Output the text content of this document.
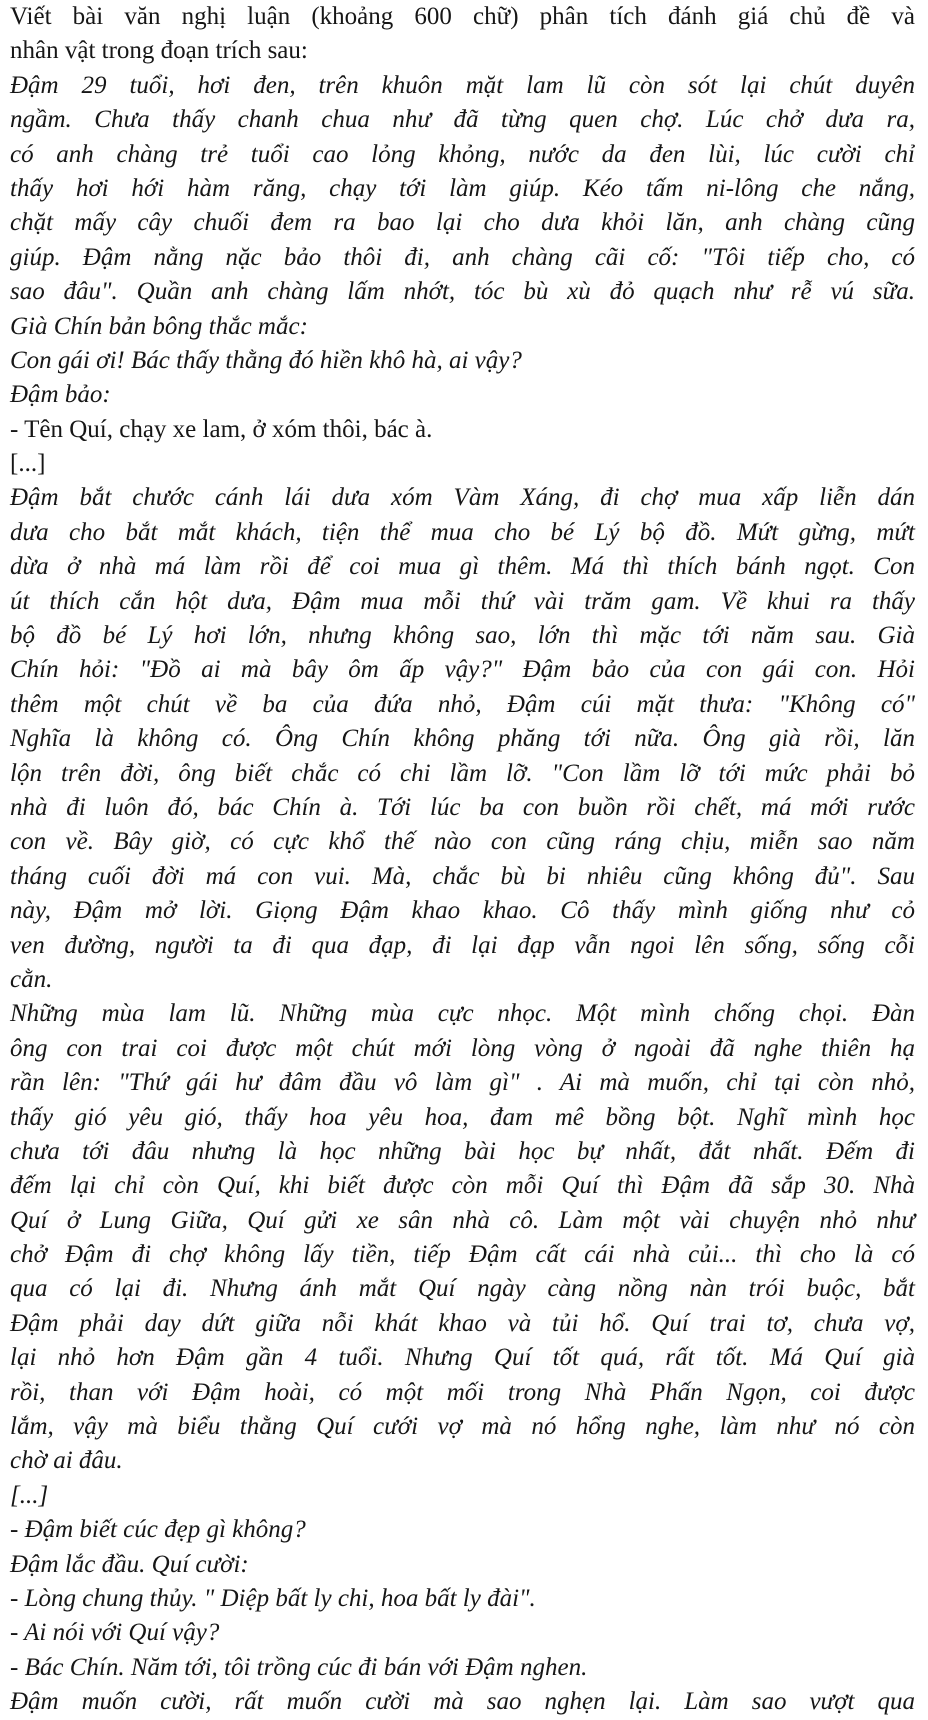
Viết bài văn nghị luận (khoảng 600 chữ) phân tích đánh giá chủ đề và
nhân vật trong đoạn trích sau:
Đậm 29 tuổi, hơi đen, trên khuôn mặt lam lũ còn sót lại chút duyên
ngầm. Chưa thấy chanh chua như đã từng quen chợ. Lúc chở dưa ra,
có anh chàng trẻ tuổi cao lỏng khỏng, nước da đen lùi, lúc cười chỉ
thấy hơi hới hàm răng, chạy tới làm giúp. Kéo tấm ni-lông che nắng,
chặt mấy cây chuối đem ra bao lại cho dưa khỏi lăn, anh chàng cũng
giúp. Đậm nằng nặc bảo thôi đi, anh chàng cãi cố: "Tôi tiếp cho, có
sao đâu". Quần anh chàng lấm nhớt, tóc bù xù đỏ quạch như rễ vú sữa.
Già Chín bản bông thắc mắc:
Con gái ơi! Bác thấy thằng đó hiền khô hà, ai vậy?
Đậm bảo:
- Tên Quí, chạy xe lam, ở xóm thôi, bác à.
[...]
Đậm bắt chước cánh lái dưa xóm Vàm Xáng, đi chợ mua xấp liễn dán
dưa cho bắt mắt khách, tiện thể mua cho bé Lý bộ đồ. Mứt gừng, mứt
dừa ở nhà má làm rồi để coi mua gì thêm. Má thì thích bánh ngọt. Con
út thích cắn hột dưa, Đậm mua mỗi thứ vài trăm gam. Về khui ra thấy
bộ đồ bé Lý hơi lớn, nhưng không sao, lớn thì mặc tới năm sau. Già
Chín hỏi: "Đồ ai mà bây ôm ấp vậy?" Đậm bảo của con gái con. Hỏi
thêm một chút về ba của đứa nhỏ, Đậm cúi mặt thưa: "Không có"
Nghĩa là không có. Ông Chín không phăng tới nữa. Ông già rồi, lăn
lộn trên đời, ông biết chắc có chi lầm lỡ. "Con lầm lỡ tới mức phải bỏ
nhà đi luôn đó, bác Chín à. Tới lúc ba con buồn rồi chết, má mới rước
con về. Bây giờ, có cực khổ thế nào con cũng ráng chịu, miễn sao năm
tháng cuối đời má con vui. Mà, chắc bù bi nhiêu cũng không đủ". Sau
này, Đậm mở lời. Giọng Đậm khao khao. Cô thấy mình giống như cỏ
ven đường, người ta đi qua đạp, đi lại đạp vẫn ngoi lên sống, sống cỗi
cằn.
Những mùa lam lũ. Những mùa cực nhọc. Một mình chống chọi. Đàn
ông con trai coi được một chút mới lòng vòng ở ngoài đã nghe thiên hạ
rần lên: "Thứ gái hư đâm đầu vô làm gì" . Ai mà muốn, chỉ tại còn nhỏ,
thấy gió yêu gió, thấy hoa yêu hoa, đam mê bồng bột. Nghĩ mình học
chưa tới đâu nhưng là học những bài học bự nhất, đắt nhất. Đếm đi
đếm lại chỉ còn Quí, khi biết được còn mỗi Quí thì Đậm đã sắp 30. Nhà
Quí ở Lung Giữa, Quí gửi xe sân nhà cô. Làm một vài chuyện nhỏ như
chở Đậm đi chợ không lấy tiền, tiếp Đậm cất cái nhà củi... thì cho là có
qua có lại đi. Nhưng ánh mắt Quí ngày càng nồng nàn trói buộc, bắt
Đậm phải day dứt giữa nỗi khát khao và tủi hổ. Quí trai tơ, chưa vợ,
lại nhỏ hơn Đậm gần 4 tuổi. Nhưng Quí tốt quá, rất tốt. Má Quí già
rồi, than với Đậm hoài, có một mối trong Nhà Phấn Ngọn, coi được
lắm, vậy mà biểu thằng Quí cưới vợ mà nó hổng nghe, làm như nó còn
chờ ai đâu.
[...]
- Đậm biết cúc đẹp gì không?
Đậm lắc đầu. Quí cười:
- Lòng chung thủy. " Diệp bất ly chi, hoa bất ly đài".
- Ai nói với Quí vậy?
- Bác Chín. Năm tới, tôi trồng cúc đi bán với Đậm nghen.
Đậm muốn cười, rất muốn cười mà sao nghẹn lại. Làm sao vượt qua
